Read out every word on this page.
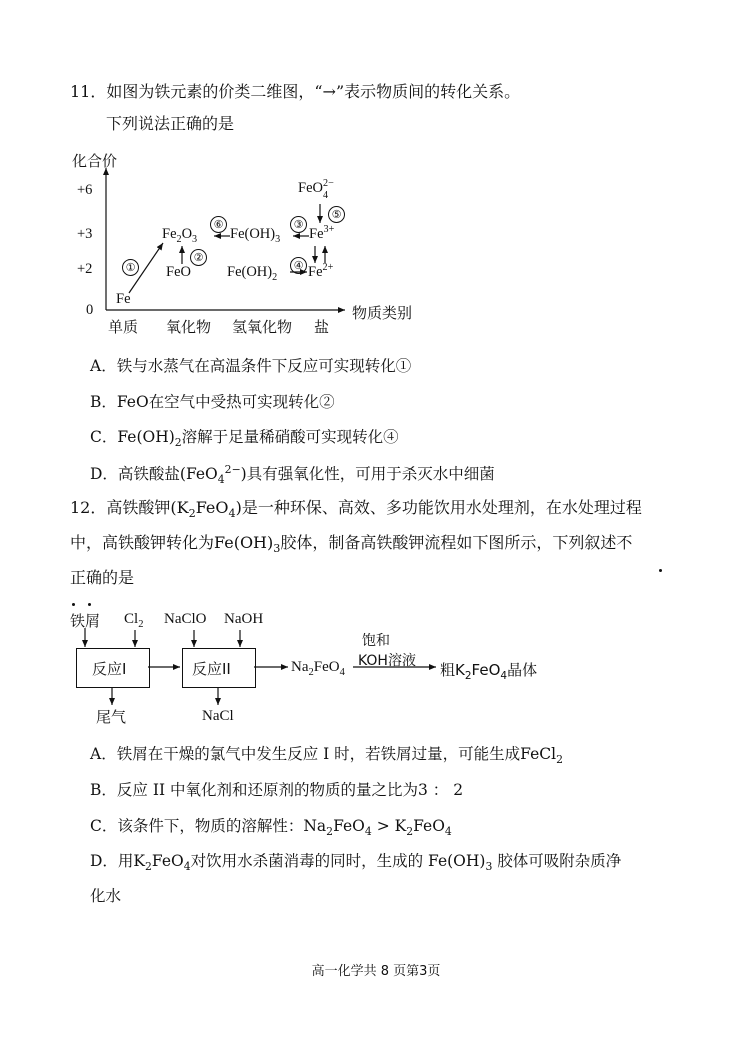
11．如图为铁元素的价类二维图，“→”表示物质间的转化关系。
下列说法正确的是
化合价
+6
+3
+2
0	物质类别
单质 氧化物 氢氧化物 盐
Fe
FeO
$Fe_2O_3$ $Fe(OH)_3$
$Fe(OH)_2$
$Fe^{3+}$
$Fe^{2+}$
FeO$_4^{2-}$
①
②
③
④
⑤
⑥
A．铁与水蒸气在高温条件下反应可实现转化①
B．FeO在空气中受热可实现转化②
C．$Fe(OH)_2$溶解于足量稀硝酸可实现转化④
D．高铁酸盐(FeO$_4^{2-}$)具有强氧化性，可用于杀灭水中细菌
12．高铁酸钾$(K_2FeO_4)$是一种环保、高效、多功能饮用水处理剂，在水处理过程
中，高铁酸钾转化为$Fe(OH)_3$胶体，制备高铁酸钾流程如下图所示，下列叙述不
正确的是
铁屑 $Cl_2$ NaClO NaOH
反应I	反应II
尾气	NaCl
$Na_2FeO_4$
饱和
KOH溶液 粗$K_2FeO_4$晶体
A．铁屑在干燥的氯气中发生反应 I 时，若铁屑过量，可能生成FeCl$_2$
B．反应 II 中氧化剂和还原剂的物质的量之比为3 ： 2
C．该条件下，物质的溶解性：$Na_2FeO_4 > K_2FeO_4$
D．用$K_2FeO_4$对饮用水杀菌消毒的同时，生成的 $Fe(OH)_3$ 胶体可吸附杂质净
化水
高一化学共 8 页第3页
